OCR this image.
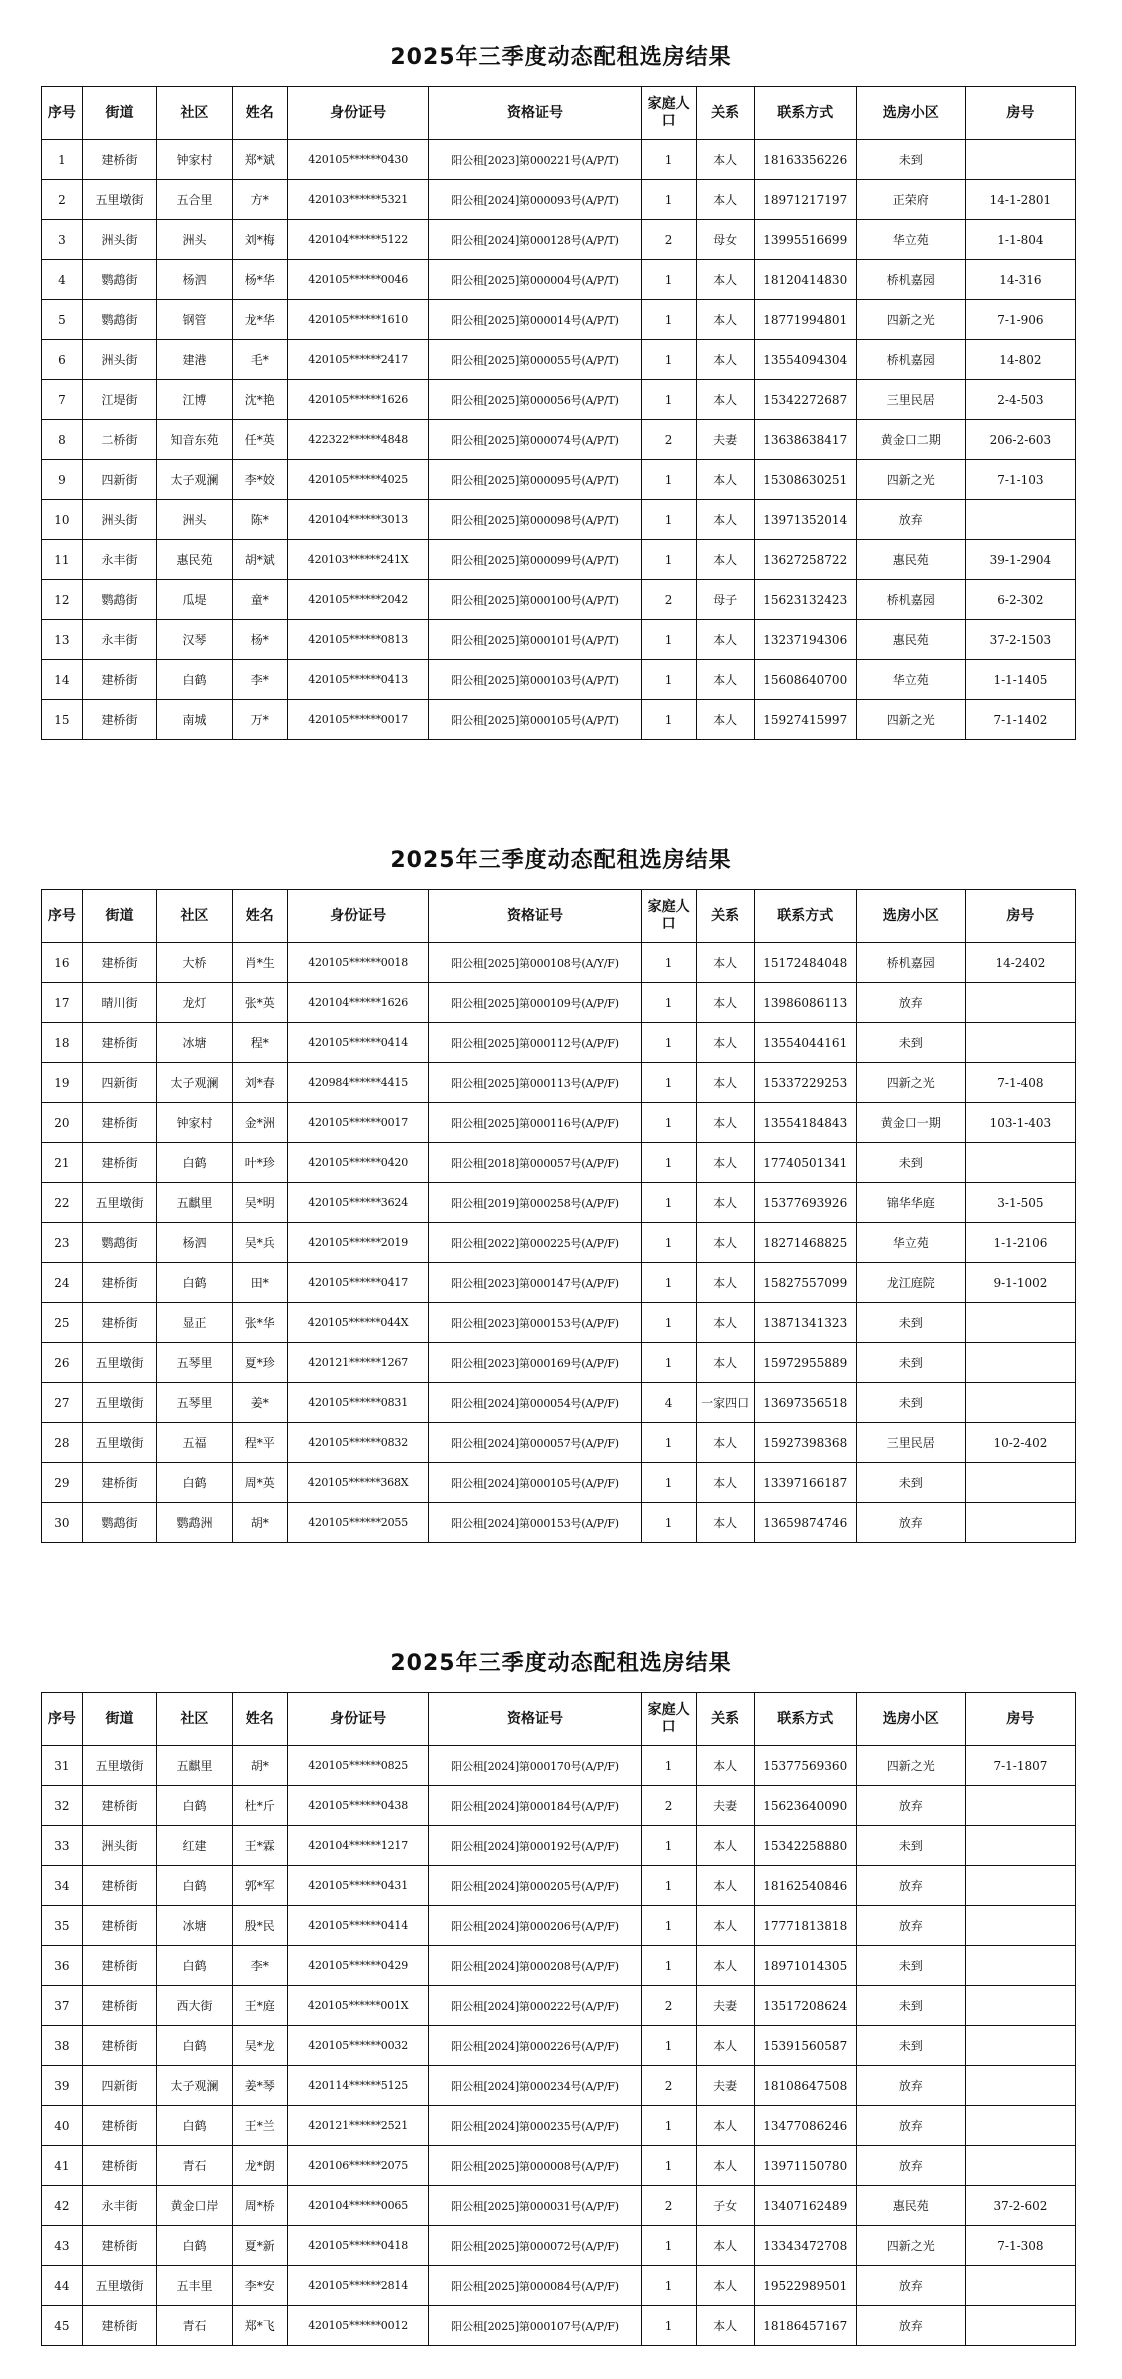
2025年三季度动态配租选房结果
序号	街道	社区	姓名	身份证号	资格证号	家庭人口	关系	联系方式	选房小区	房号
1	建桥街	钟家村	郑*斌	420105******0430	阳公租[2023]第000221号(A/P/T)	1	本人	18163356226	未到	
2	五里墩街	五合里	方*	420103******5321	阳公租[2024]第000093号(A/P/T)	1	本人	18971217197	正荣府	14-1-2801
3	洲头街	洲头	刘*梅	420104******5122	阳公租[2024]第000128号(A/P/T)	2	母女	13995516699	华立苑	1-1-804
4	鹦鹉街	杨泗	杨*华	420105******0046	阳公租[2025]第000004号(A/P/T)	1	本人	18120414830	桥机嘉园	14-316
5	鹦鹉街	钢管	龙*华	420105******1610	阳公租[2025]第000014号(A/P/T)	1	本人	18771994801	四新之光	7-1-906
6	洲头街	建港	毛*	420105******2417	阳公租[2025]第000055号(A/P/T)	1	本人	13554094304	桥机嘉园	14-802
7	江堤街	江博	沈*艳	420105******1626	阳公租[2025]第000056号(A/P/T)	1	本人	15342272687	三里民居	2-4-503
8	二桥街	知音东苑	任*英	422322******4848	阳公租[2025]第000074号(A/P/T)	2	夫妻	13638638417	黄金口二期	206-2-603
9	四新街	太子观澜	李*姣	420105******4025	阳公租[2025]第000095号(A/P/T)	1	本人	15308630251	四新之光	7-1-103
10	洲头街	洲头	陈*	420104******3013	阳公租[2025]第000098号(A/P/T)	1	本人	13971352014	放弃	
11	永丰街	惠民苑	胡*斌	420103******241X	阳公租[2025]第000099号(A/P/T)	1	本人	13627258722	惠民苑	39-1-2904
12	鹦鹉街	瓜堤	童*	420105******2042	阳公租[2025]第000100号(A/P/T)	2	母子	15623132423	桥机嘉园	6-2-302
13	永丰街	汉琴	杨*	420105******0813	阳公租[2025]第000101号(A/P/T)	1	本人	13237194306	惠民苑	37-2-1503
14	建桥街	白鹤	李*	420105******0413	阳公租[2025]第000103号(A/P/T)	1	本人	15608640700	华立苑	1-1-1405
15	建桥街	南城	万*	420105******0017	阳公租[2025]第000105号(A/P/T)	1	本人	15927415997	四新之光	7-1-1402
2025年三季度动态配租选房结果
序号	街道	社区	姓名	身份证号	资格证号	家庭人口	关系	联系方式	选房小区	房号
16	建桥街	大桥	肖*生	420105******0018	阳公租[2025]第000108号(A/Y/F)	1	本人	15172484048	桥机嘉园	14-2402
17	晴川街	龙灯	张*英	420104******1626	阳公租[2025]第000109号(A/P/F)	1	本人	13986086113	放弃	
18	建桥街	冰塘	程*	420105******0414	阳公租[2025]第000112号(A/P/F)	1	本人	13554044161	未到	
19	四新街	太子观澜	刘*春	420984******4415	阳公租[2025]第000113号(A/P/F)	1	本人	15337229253	四新之光	7-1-408
20	建桥街	钟家村	金*洲	420105******0017	阳公租[2025]第000116号(A/P/F)	1	本人	13554184843	黄金口一期	103-1-403
21	建桥街	白鹤	叶*珍	420105******0420	阳公租[2018]第000057号(A/P/F)	1	本人	17740501341	未到	
22	五里墩街	五麒里	吴*明	420105******3624	阳公租[2019]第000258号(A/P/F)	1	本人	15377693926	锦华华庭	3-1-505
23	鹦鹉街	杨泗	吴*兵	420105******2019	阳公租[2022]第000225号(A/P/F)	1	本人	18271468825	华立苑	1-1-2106
24	建桥街	白鹤	田*	420105******0417	阳公租[2023]第000147号(A/P/F)	1	本人	15827557099	龙江庭院	9-1-1002
25	建桥街	显正	张*华	420105******044X	阳公租[2023]第000153号(A/P/F)	1	本人	13871341323	未到	
26	五里墩街	五琴里	夏*珍	420121******1267	阳公租[2023]第000169号(A/P/F)	1	本人	15972955889	未到	
27	五里墩街	五琴里	姜*	420105******0831	阳公租[2024]第000054号(A/P/F)	4	一家四口	13697356518	未到	
28	五里墩街	五福	程*平	420105******0832	阳公租[2024]第000057号(A/P/F)	1	本人	15927398368	三里民居	10-2-402
29	建桥街	白鹤	周*英	420105******368X	阳公租[2024]第000105号(A/P/F)	1	本人	13397166187	未到	
30	鹦鹉街	鹦鹉洲	胡*	420105******2055	阳公租[2024]第000153号(A/P/F)	1	本人	13659874746	放弃	
2025年三季度动态配租选房结果
序号	街道	社区	姓名	身份证号	资格证号	家庭人口	关系	联系方式	选房小区	房号
31	五里墩街	五麒里	胡*	420105******0825	阳公租[2024]第000170号(A/P/F)	1	本人	15377569360	四新之光	7-1-1807
32	建桥街	白鹤	杜*斤	420105******0438	阳公租[2024]第000184号(A/P/F)	2	夫妻	15623640090	放弃	
33	洲头街	红建	王*霖	420104******1217	阳公租[2024]第000192号(A/P/F)	1	本人	15342258880	未到	
34	建桥街	白鹤	郭*军	420105******0431	阳公租[2024]第000205号(A/P/F)	1	本人	18162540846	放弃	
35	建桥街	冰塘	殷*民	420105******0414	阳公租[2024]第000206号(A/P/F)	1	本人	17771813818	放弃	
36	建桥街	白鹤	李*	420105******0429	阳公租[2024]第000208号(A/P/F)	1	本人	18971014305	未到	
37	建桥街	西大街	王*庭	420105******001X	阳公租[2024]第000222号(A/P/F)	2	夫妻	13517208624	未到	
38	建桥街	白鹤	吴*龙	420105******0032	阳公租[2024]第000226号(A/P/F)	1	本人	15391560587	未到	
39	四新街	太子观澜	姜*琴	420114******5125	阳公租[2024]第000234号(A/P/F)	2	夫妻	18108647508	放弃	
40	建桥街	白鹤	王*兰	420121******2521	阳公租[2024]第000235号(A/P/F)	1	本人	13477086246	放弃	
41	建桥街	青石	龙*朗	420106******2075	阳公租[2025]第000008号(A/P/F)	1	本人	13971150780	放弃	
42	永丰街	黄金口岸	周*桥	420104******0065	阳公租[2025]第000031号(A/P/F)	2	子女	13407162489	惠民苑	37-2-602
43	建桥街	白鹤	夏*新	420105******0418	阳公租[2025]第000072号(A/P/F)	1	本人	13343472708	四新之光	7-1-308
44	五里墩街	五丰里	李*安	420105******2814	阳公租[2025]第000084号(A/P/F)	1	本人	19522989501	放弃	
45	建桥街	青石	郑*飞	420105******0012	阳公租[2025]第000107号(A/P/F)	1	本人	18186457167	放弃	
